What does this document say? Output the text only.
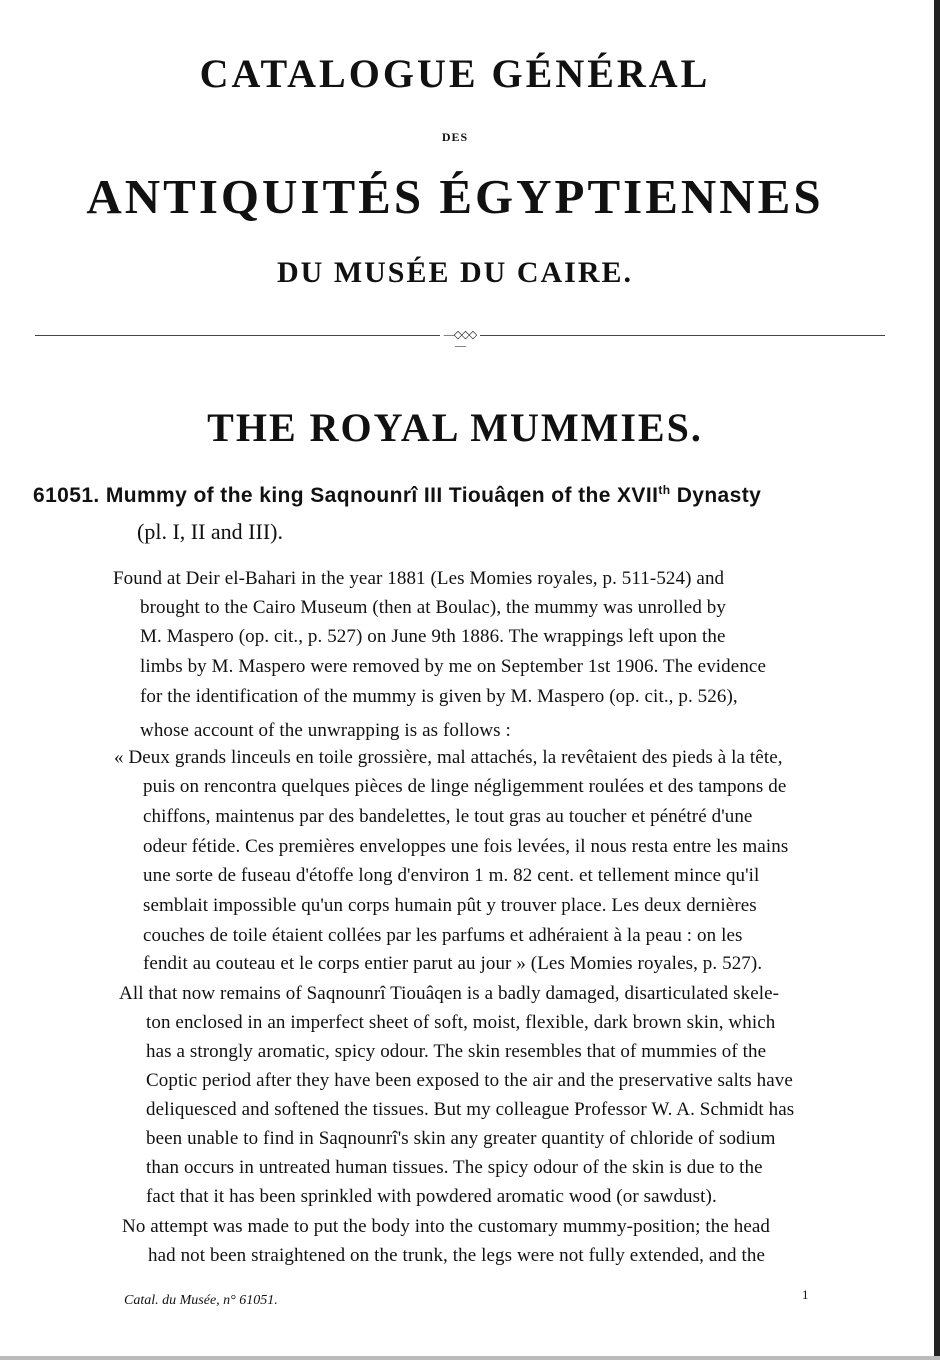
CATALOGUE GÉNÉRAL
DES
ANTIQUITÉS ÉGYPTIENNES
DU MUSÉE DU CAIRE.
—◇◇◇—
THE ROYAL MUMMIES.
61051. Mummy of the king Saqnounrî III Tiouâqen of the XVIIth Dynasty
(pl. I, II and III).
Found at Deir el-Bahari in the year 1881 (Les Momies royales, p. 511-524) and
brought to the Cairo Museum (then at Boulac), the mummy was unrolled by
M. Maspero (op. cit., p. 527) on June 9th 1886. The wrappings left upon the
limbs by M. Maspero were removed by me on September 1st 1906. The evidence
for the identification of the mummy is given by M. Maspero (op. cit., p. 526),
whose account of the unwrapping is as follows :
« Deux grands linceuls en toile grossière, mal attachés, la revêtaient des pieds à la tête,
puis on rencontra quelques pièces de linge négligemment roulées et des tampons de
chiffons, maintenus par des bandelettes, le tout gras au toucher et pénétré d'une
odeur fétide. Ces premières enveloppes une fois levées, il nous resta entre les mains
une sorte de fuseau d'étoffe long d'environ 1 m. 82 cent. et tellement mince qu'il
semblait impossible qu'un corps humain pût y trouver place. Les deux dernières
couches de toile étaient collées par les parfums et adhéraient à la peau : on les
fendit au couteau et le corps entier parut au jour » (Les Momies royales, p. 527).
All that now remains of Saqnounrî Tiouâqen is a badly damaged, disarticulated skele-
ton enclosed in an imperfect sheet of soft, moist, flexible, dark brown skin, which
has a strongly aromatic, spicy odour. The skin resembles that of mummies of the
Coptic period after they have been exposed to the air and the preservative salts have
deliquesced and softened the tissues. But my colleague Professor W. A. Schmidt has
been unable to find in Saqnounrî's skin any greater quantity of chloride of sodium
than occurs in untreated human tissues. The spicy odour of the skin is due to the
fact that it has been sprinkled with powdered aromatic wood (or sawdust).
No attempt was made to put the body into the customary mummy-position; the head
had not been straightened on the trunk, the legs were not fully extended, and the
Catal. du Musée, n° 61051.	1
